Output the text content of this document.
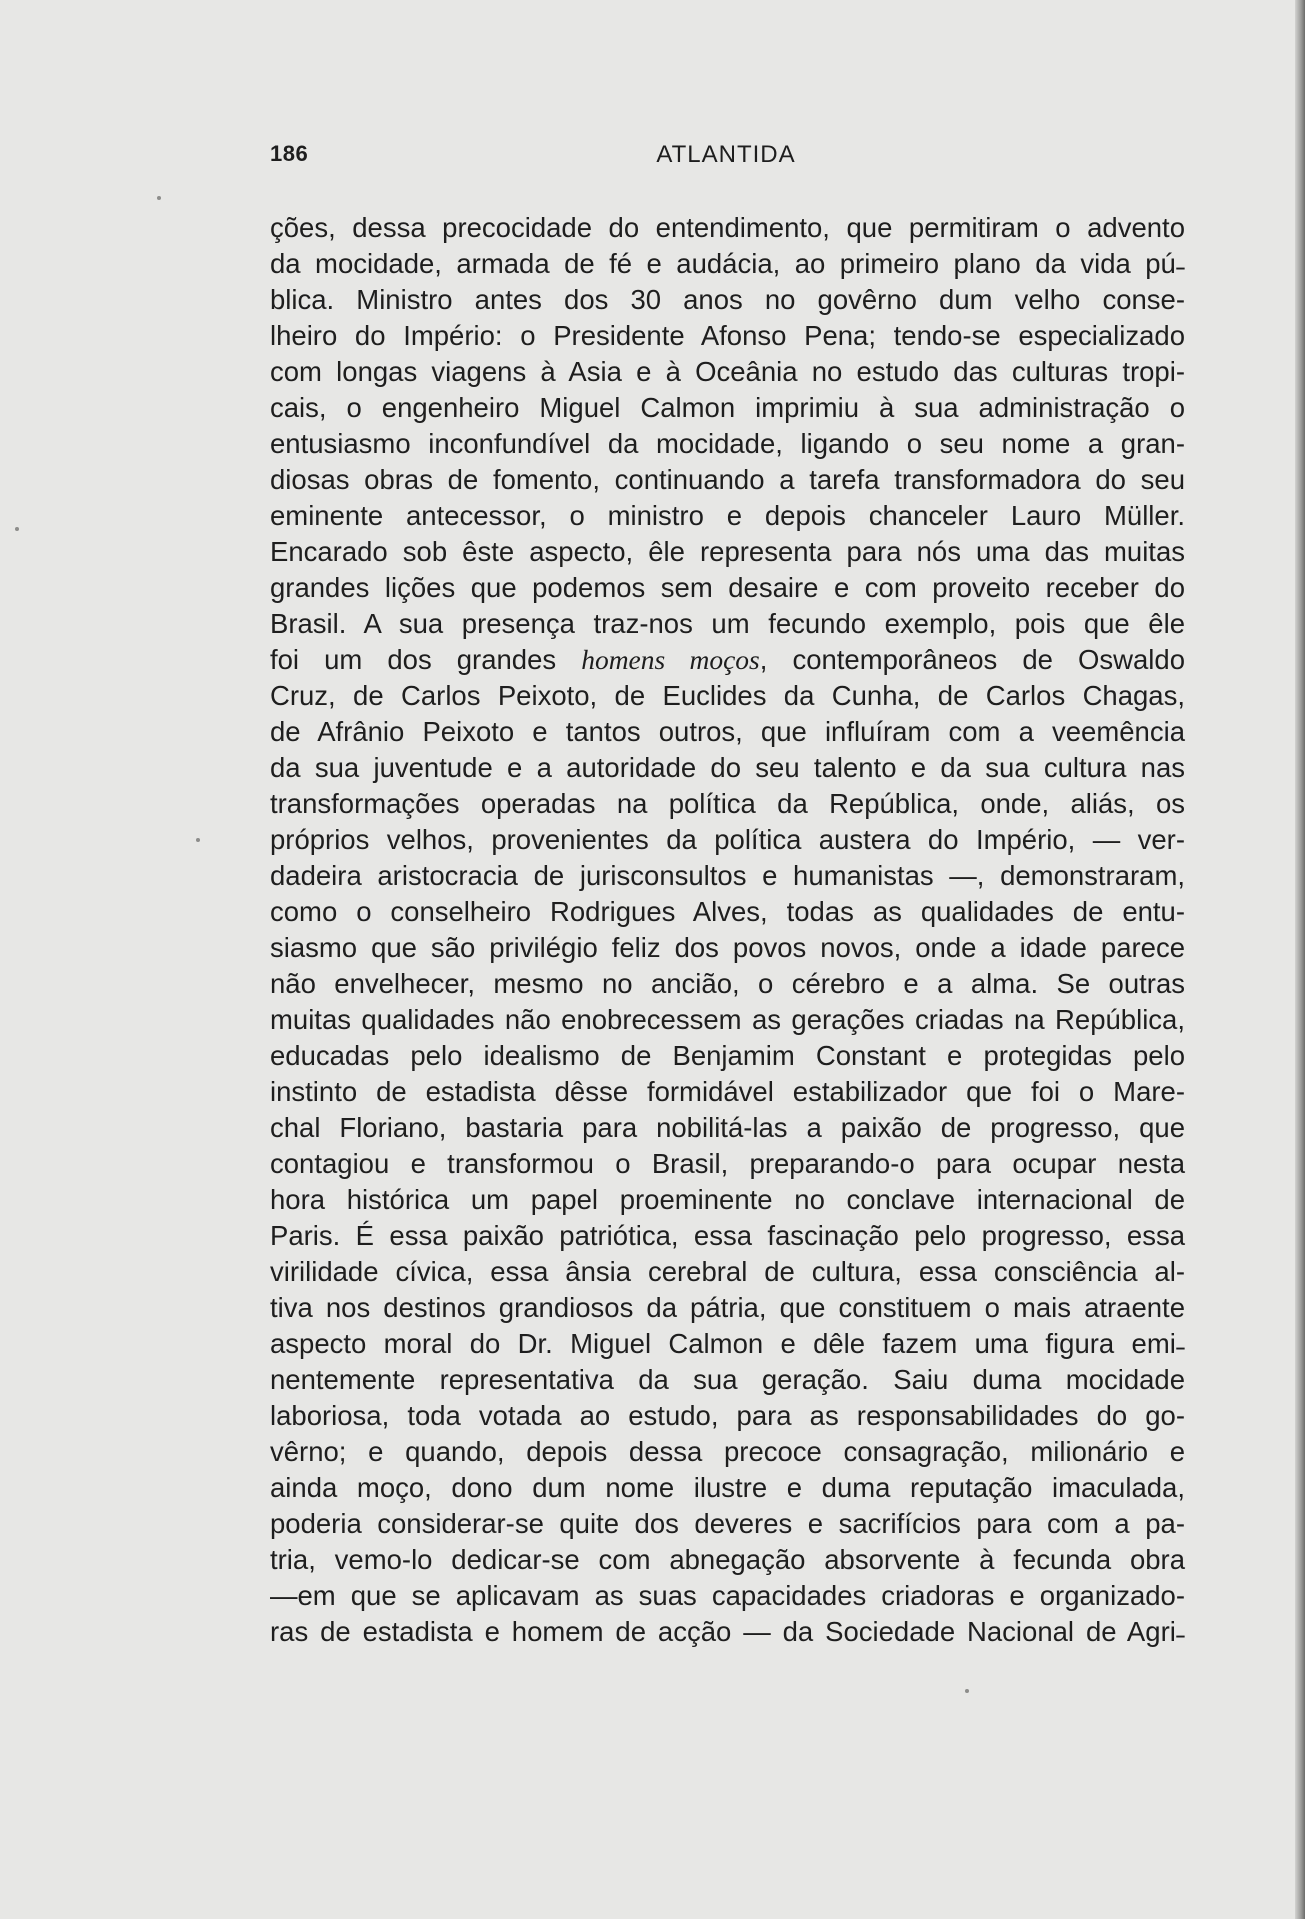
186	ATLANTIDA
ções, dessa precocidade do entendimento, que permitiram o advento
da mocidade, armada de fé e audácia, ao primeiro plano da vida pú˗
blica. Ministro antes dos 30 anos no govêrno dum velho conse-
lheiro do Império: o Presidente Afonso Pena; tendo-se especializado
com longas viagens à Asia e à Oceânia no estudo das culturas tropi-
cais, o engenheiro Miguel Calmon imprimiu à sua administração o
entusiasmo inconfundível da mocidade, ligando o seu nome a gran-
diosas obras de fomento, continuando a tarefa transformadora do seu
eminente antecessor, o ministro e depois chanceler Lauro Müller.
Encarado sob êste aspecto, êle representa para nós uma das muitas
grandes lições que podemos sem desaire e com proveito receber do
Brasil. A sua presença traz-nos um fecundo exemplo, pois que êle
foi um dos grandes homens moços, contemporâneos de Oswaldo
Cruz, de Carlos Peixoto, de Euclides da Cunha, de Carlos Chagas,
de Afrânio Peixoto e tantos outros, que influíram com a veemência
da sua juventude e a autoridade do seu talento e da sua cultura nas
transformações operadas na política da República, onde, aliás, os
próprios velhos, provenientes da política austera do Império, — ver-
dadeira aristocracia de jurisconsultos e humanistas —, demonstraram,
como o conselheiro Rodrigues Alves, todas as qualidades de entu-
siasmo que são privilégio feliz dos povos novos, onde a idade parece
não envelhecer, mesmo no ancião, o cérebro e a alma. Se outras
muitas qualidades não enobrecessem as gerações criadas na República,
educadas pelo idealismo de Benjamim Constant e protegidas pelo
instinto de estadista dêsse formidável estabilizador que foi o Mare-
chal Floriano, bastaria para nobilitá-las a paixão de progresso, que
contagiou e transformou o Brasil, preparando-o para ocupar nesta
hora histórica um papel proeminente no conclave internacional de
Paris. É essa paixão patriótica, essa fascinação pelo progresso, essa
virilidade cívica, essa ânsia cerebral de cultura, essa consciência al-
tiva nos destinos grandiosos da pátria, que constituem o mais atraente
aspecto moral do Dr. Miguel Calmon e dêle fazem uma figura emi˗
nentemente representativa da sua geração. Saiu duma mocidade
laboriosa, toda votada ao estudo, para as responsabilidades do go-
vêrno; e quando, depois dessa precoce consagração, milionário e
ainda moço, dono dum nome ilustre e duma reputação imaculada,
poderia considerar-se quite dos deveres e sacrifícios para com a pa-
tria, vemo-lo dedicar-se com abnegação absorvente à fecunda obra
—em que se aplicavam as suas capacidades criadoras e organizado-
ras de estadista e homem de acção — da Sociedade Nacional de Agri˗
